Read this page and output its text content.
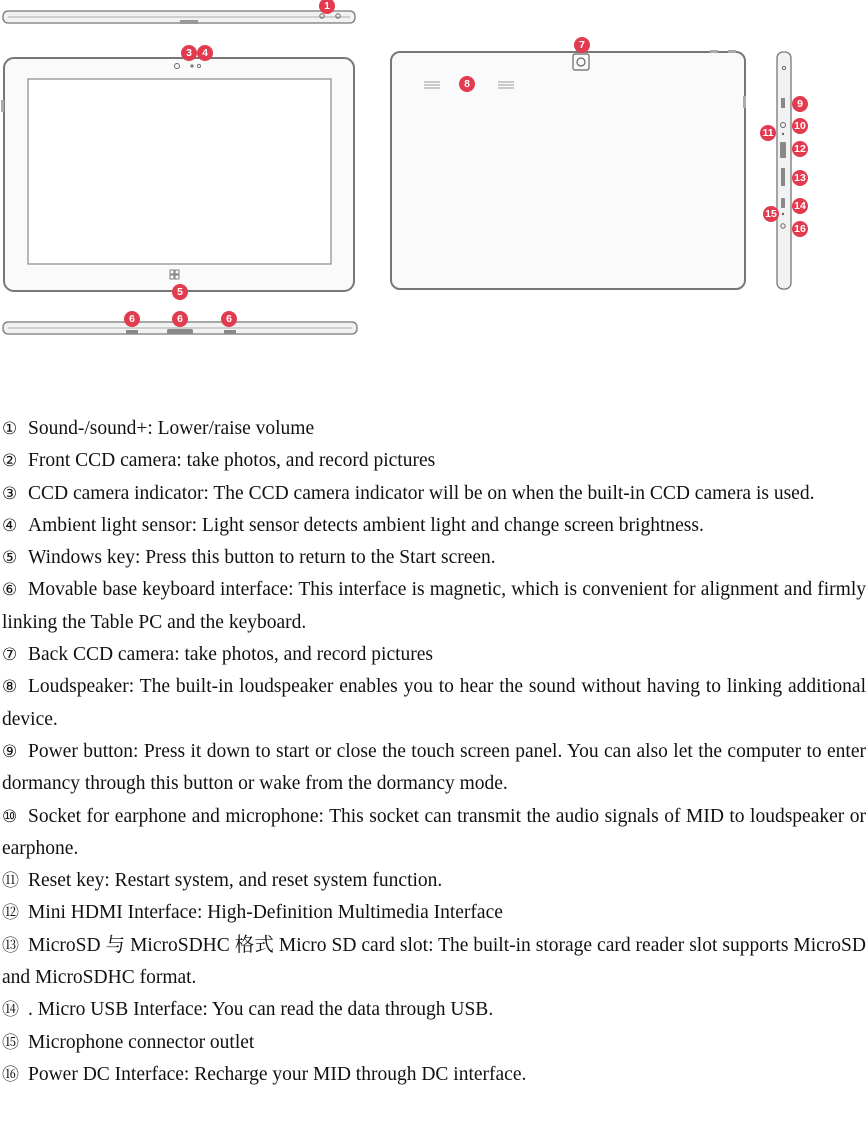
1
3 4
5
6	6	6
7
8
9
10
11
12
13
14
15
16
① Sound-/sound+: Lower/raise volume
② Front CCD camera: take photos, and record pictures
③ CCD camera indicator: The CCD camera indicator will be on when the built-in CCD camera is used.
④ Ambient light sensor: Light sensor detects ambient light and change screen brightness.
⑤ Windows key: Press this button to return to the Start screen.
⑥ Movable base keyboard interface: This interface is magnetic, which is convenient for alignment and firmly linking the Table PC and the keyboard.
⑦ Back CCD camera: take photos, and record pictures
⑧ Loudspeaker: The built-in loudspeaker enables you to hear the sound without having to linking additional device.
⑨ Power button: Press it down to start or close the touch screen panel. You can also let the computer to enter dormancy through this button or wake from the dormancy mode.
⑩ Socket for earphone and microphone: This socket can transmit the audio signals of MID to loudspeaker or earphone.
⑪ Reset key: Restart system, and reset system function.
⑫ Mini HDMI Interface: High-Definition Multimedia Interface
⑬ MicroSD 与 MicroSDHC 格式 Micro SD card slot: The built-in storage card reader slot supports MicroSD and MicroSDHC format.
⑭ . Micro USB Interface: You can read the data through USB.
⑮ Microphone connector outlet
⑯ Power DC Interface: Recharge your MID through DC interface.
